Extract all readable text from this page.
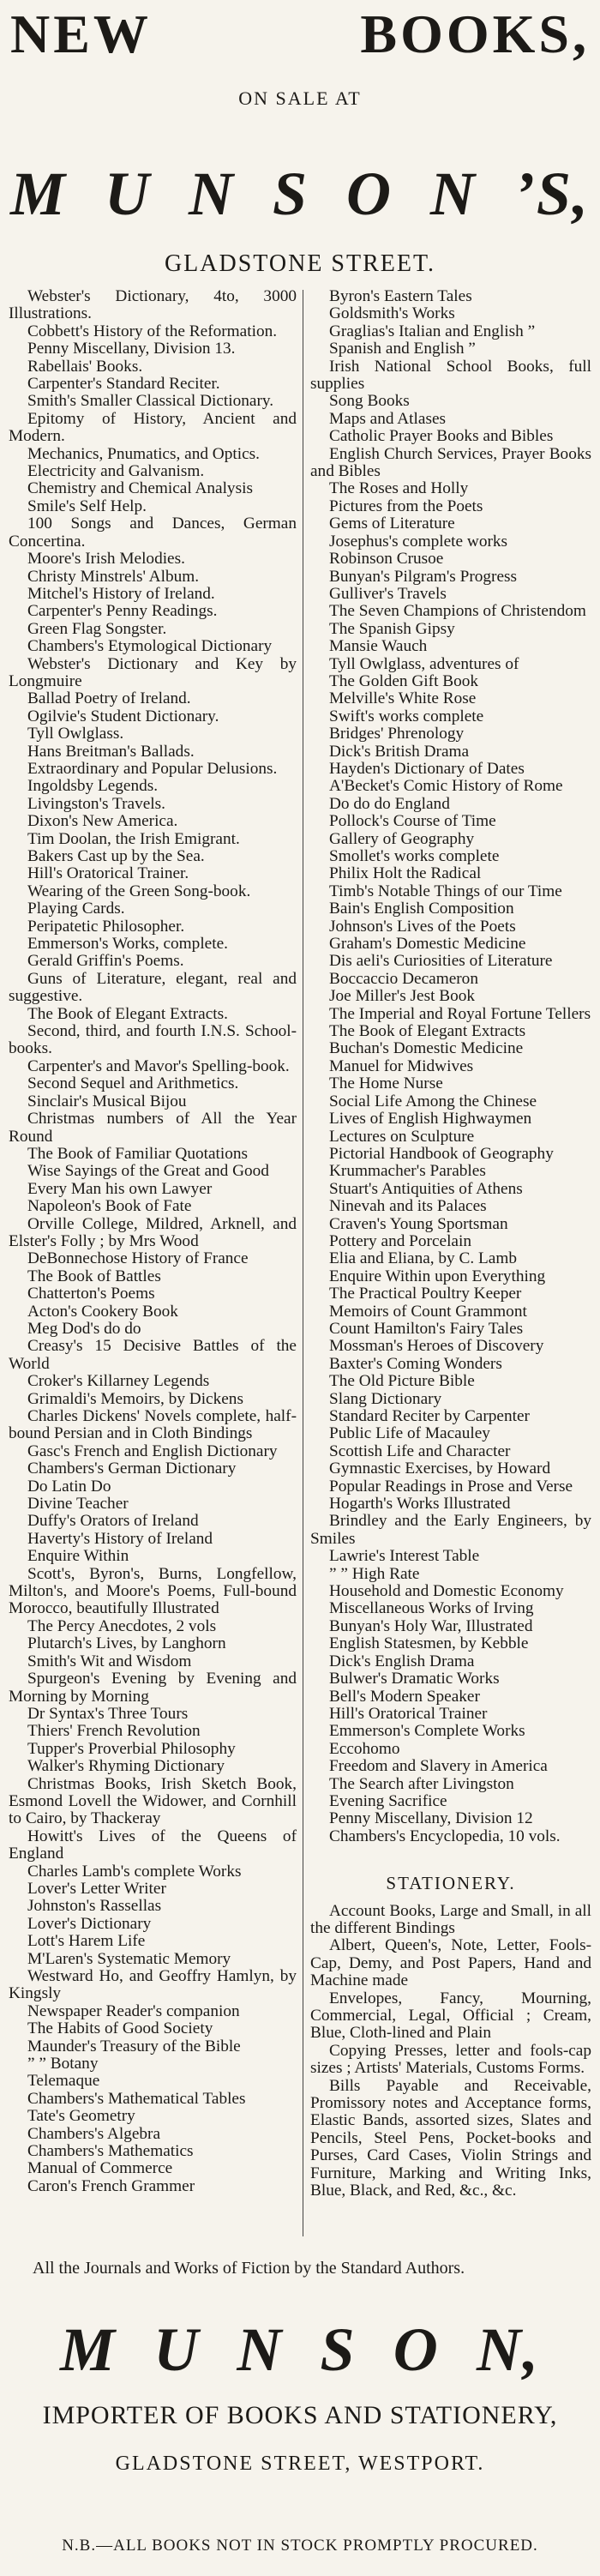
NEW	BOOKS,
ON SALE AT
M U N S O N ’S,
GLADSTONE STREET.

Webster's Dictionary, 4to, 3000 Illustrations.

Cobbett's History of the Reformation.

Penny Miscellany, Division 13.

Rabellais' Books.

Carpenter's Standard Reciter.

Smith's Smaller Classical Dictionary.

Epitomy of History, Ancient and Modern.

Mechanics, Pnumatics, and Optics.

Electricity and Galvanism.

Chemistry and Chemical Analysis

Smile's Self Help.

100 Songs and Dances, German Concertina.

Moore's Irish Melodies.

Christy Minstrels' Album.

Mitchel's History of Ireland.

Carpenter's Penny Readings.

Green Flag Songster.

Chambers's Etymological Dictionary

Webster's Dictionary and Key by Longmuire

Ballad Poetry of Ireland.

Ogilvie's Student Dictionary.

Tyll Owlglass.

Hans Breitman's Ballads.

Extraordinary and Popular Delusions.

Ingoldsby Legends.

Livingston's Travels.

Dixon's New America.

Tim Doolan, the Irish Emigrant.

Bakers Cast up by the Sea.

Hill's Oratorical Trainer.

Wearing of the Green Song-book.

Playing Cards.

Peripatetic Philosopher.

Emmerson's Works, complete.

Gerald Griffin's Poems.

Guns of Literature, elegant, real and suggestive.

The Book of Elegant Extracts.

Second, third, and fourth I.N.S. School-books.

Carpenter's and Mavor's Spelling-book.

Second Sequel and Arithmetics.

Sinclair's Musical Bijou

Christmas numbers of All the Year Round

The Book of Familiar Quotations

Wise Sayings of the Great and Good

Every Man his own Lawyer

Napoleon's Book of Fate

Orville College, Mildred, Arknell, and Elster's Folly ; by Mrs Wood

DeBonnechose History of France

The Book of Battles

Chatterton's Poems

Acton's Cookery Book

Meg Dod's do do

Creasy's 15 Decisive Battles of the World

Croker's Killarney Legends

Grimaldi's Memoirs, by Dickens

Charles Dickens' Novels complete, half-bound Persian and in Cloth Bindings

Gasc's French and English Dictionary

Chambers's German Dictionary

Do Latin Do

Divine Teacher

Duffy's Orators of Ireland

Haverty's History of Ireland

Enquire Within

Scott's, Byron's, Burns, Longfellow, Milton's, and Moore's Poems, Full-bound Morocco, beautifully Illustrated

The Percy Anecdotes, 2 vols

Plutarch's Lives, by Langhorn

Smith's Wit and Wisdom

Spurgeon's Evening by Evening and Morning by Morning

Dr Syntax's Three Tours

Thiers' French Revolution

Tupper's Proverbial Philosophy

Walker's Rhyming Dictionary

Christmas Books, Irish Sketch Book, Esmond Lovell the Widower, and Cornhill to Cairo, by Thackeray

Howitt's Lives of the Queens of England

Charles Lamb's complete Works

Lover's Letter Writer

Johnston's Rassellas

Lover's Dictionary

Lott's Harem Life

M'Laren's Systematic Memory

Westward Ho, and Geoffry Hamlyn, by Kingsly

Newspaper Reader's companion

The Habits of Good Society

Maunder's Treasury of the Bible

” ” Botany

Telemaque

Chambers's Mathematical Tables

Tate's Geometry

Chambers's Algebra

Chambers's Mathematics

Manual of Commerce

Caron's French Grammer

Byron's Eastern Tales

Goldsmith's Works

Graglias's Italian and English ”

Spanish and English ”

Irish National School Books, full supplies

Song Books

Maps and Atlases

Catholic Prayer Books and Bibles

English Church Services, Prayer Books and Bibles

The Roses and Holly

Pictures from the Poets

Gems of Literature

Josephus's complete works

Robinson Crusoe

Bunyan's Pilgram's Progress

Gulliver's Travels

The Seven Champions of Christendom

The Spanish Gipsy

Mansie Wauch

Tyll Owlglass, adventures of

The Golden Gift Book

Melville's White Rose

Swift's works complete

Bridges' Phrenology

Dick's British Drama

Hayden's Dictionary of Dates

A'Becket's Comic History of Rome

Do do do England

Pollock's Course of Time

Gallery of Geography

Smollet's works complete

Philix Holt the Radical

Timb's Notable Things of our Time

Bain's English Composition

Johnson's Lives of the Poets

Graham's Domestic Medicine

Dis aeli's Curiosities of Literature

Boccaccio Decameron

Joe Miller's Jest Book

The Imperial and Royal Fortune Tellers

The Book of Elegant Extracts

Buchan's Domestic Medicine

Manuel for Midwives

The Home Nurse

Social Life Among the Chinese

Lives of English Highwaymen

Lectures on Sculpture

Pictorial Handbook of Geography

Krummacher's Parables

Stuart's Antiquities of Athens

Ninevah and its Palaces

Craven's Young Sportsman

Pottery and Porcelain

Elia and Eliana, by C. Lamb

Enquire Within upon Everything

The Practical Poultry Keeper

Memoirs of Count Grammont

Count Hamilton's Fairy Tales

Mossman's Heroes of Discovery

Baxter's Coming Wonders

The Old Picture Bible

Slang Dictionary

Standard Reciter by Carpenter

Public Life of Macauley

Scottish Life and Character

Gymnastic Exercises, by Howard

Popular Readings in Prose and Verse

Hogarth's Works Illustrated

Brindley and the Early Engineers, by Smiles

Lawrie's Interest Table

” ” High Rate

Household and Domestic Economy

Miscellaneous Works of Irving

Bunyan's Holy War, Illustrated

English Statesmen, by Kebble

Dick's English Drama

Bulwer's Dramatic Works

Bell's Modern Speaker

Hill's Oratorical Trainer

Emmerson's Complete Works

Eccohomo

Freedom and Slavery in America

The Search after Livingston

Evening Sacrifice

Penny Miscellany, Division 12

Chambers's Encyclopedia, 10 vols.

STATIONERY.

Account Books, Large and Small, in all the different Bindings

Albert, Queen's, Note, Letter, Fools-Cap, Demy, and Post Papers, Hand and Machine made

Envelopes, Fancy, Mourning, Commercial, Legal, Official ; Cream, Blue, Cloth-lined and Plain

Copying Presses, letter and fools-cap sizes ; Artists' Materials, Customs Forms.

Bills Payable and Receivable, Promissory notes and Acceptance forms, Elastic Bands, assorted sizes, Slates and Pencils, Steel Pens, Pocket-books and Purses, Card Cases, Violin Strings and Furniture, Marking and Writing Inks, Blue, Black, and Red, &c., &c.

All the Journals and Works of Fiction by the Standard Authors.

M U N S O N,
IMPORTER OF BOOKS AND STATIONERY,
GLADSTONE STREET, WESTPORT.
N.B.—ALL BOOKS NOT IN STOCK PROMPTLY PROCURED.
